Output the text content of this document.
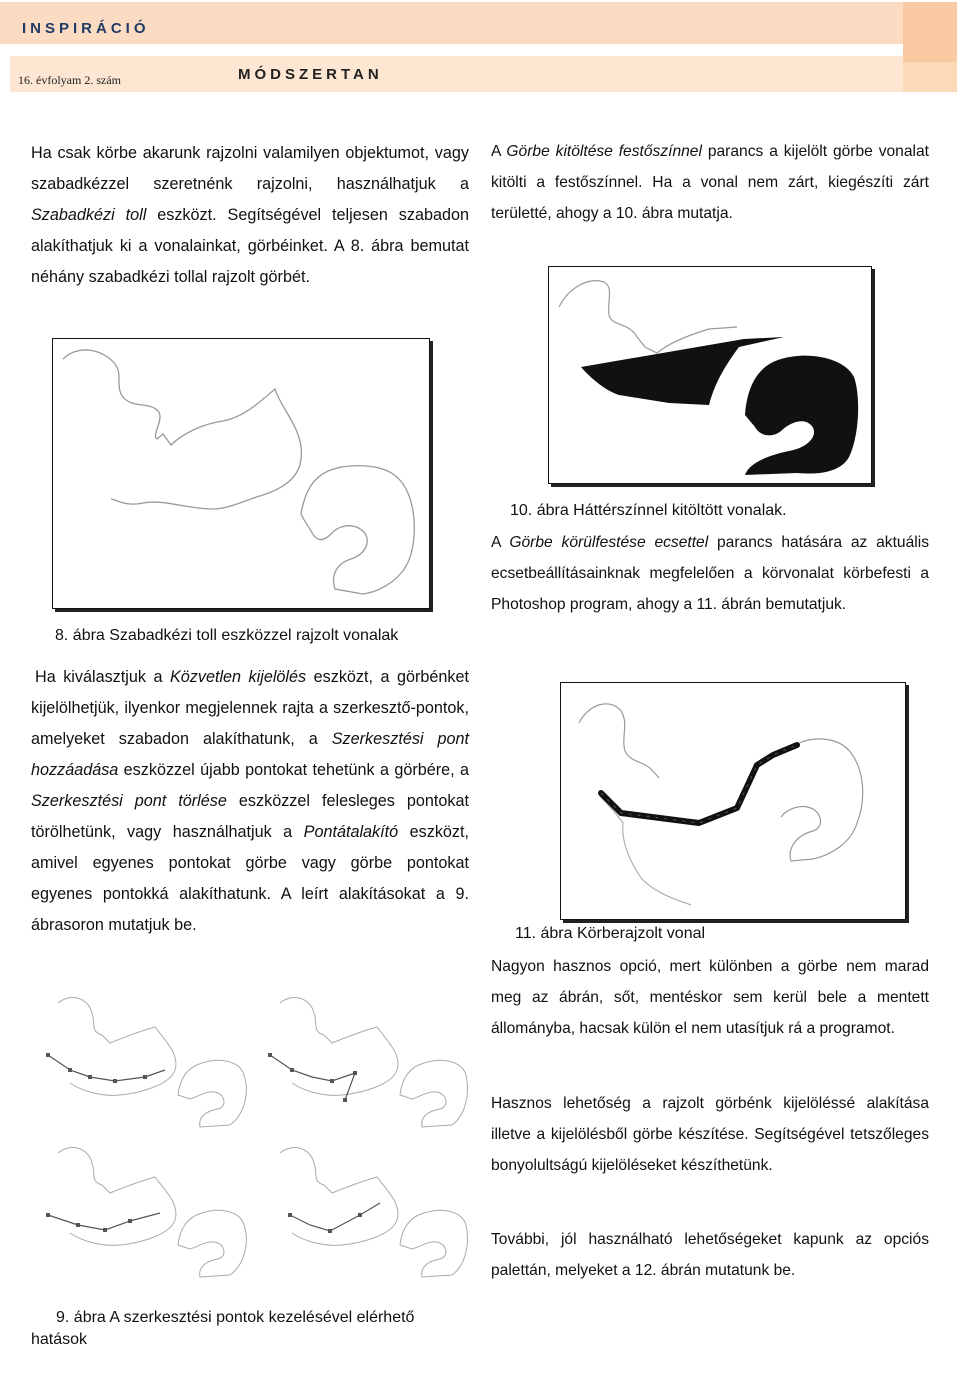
INSPIRÁCIÓ
16. évfolyam 2. szám	MÓDSZERTAN

Ha csak körbe akarunk rajzolni valamilyen objektumot, vagy szabadkézzel szeretnénk rajzolni, használhatjuk a Szabadkézi toll eszközt. Segítségével teljesen szabadon alakíthatjuk ki a vonalainkat, görbéinket. A 8. ábra bemutat néhány szabadkézi tollal rajzolt görbét.

8. ábra Szabadkézi toll eszközzel rajzolt vonalak

Ha kiválasztjuk a Közvetlen kijelölés eszközt, a görbénket kijelölhetjük, ilyenkor megjelennek rajta a szerkesztő-pontok, amelyeket szabadon alakíthatunk, a Szerkesztési pont hozzáadása eszközzel újabb pontokat tehetünk a görbére, a Szerkesztési pont törlése eszközzel felesleges pontokat törölhetünk, vagy használhatjuk a Pontátalakító eszközt, amivel egyenes pontokat görbe vagy görbe pontokat egyenes pontokká alakíthatunk. A leírt alakításokat a 9. ábrasoron mutatjuk be.

9. ábra A szerkesztési pontok kezelésével elérhető hatások

A Görbe kitöltése festőszínnel parancs a kijelölt görbe vonalat kitölti a festőszínnel. Ha a vonal nem zárt, kiegészíti zárt területté, ahogy a 10. ábra mutatja.

10. ábra Háttérszínnel kitöltött vonalak.

A Görbe körülfestése ecsettel parancs hatására az aktuális ecsetbeállításainknak megfelelően a körvonalat körbefesti a Photoshop program, ahogy a 11. ábrán bemutatjuk.

11. ábra Körberajzolt vonal

Nagyon hasznos opció, mert különben a görbe nem marad meg az ábrán, sőt, mentéskor sem kerül bele a mentett állományba, hacsak külön el nem utasítjuk rá a programot.

Hasznos lehetőség a rajzolt görbénk kijelöléssé alakítása illetve a kijelölésből görbe készítése. Segítségével tetszőleges bonyolultságú kijelöléseket készíthetünk.

További, jól használható lehetőségeket kapunk az opciós palettán, melyeket a 12. ábrán mutatunk be.
